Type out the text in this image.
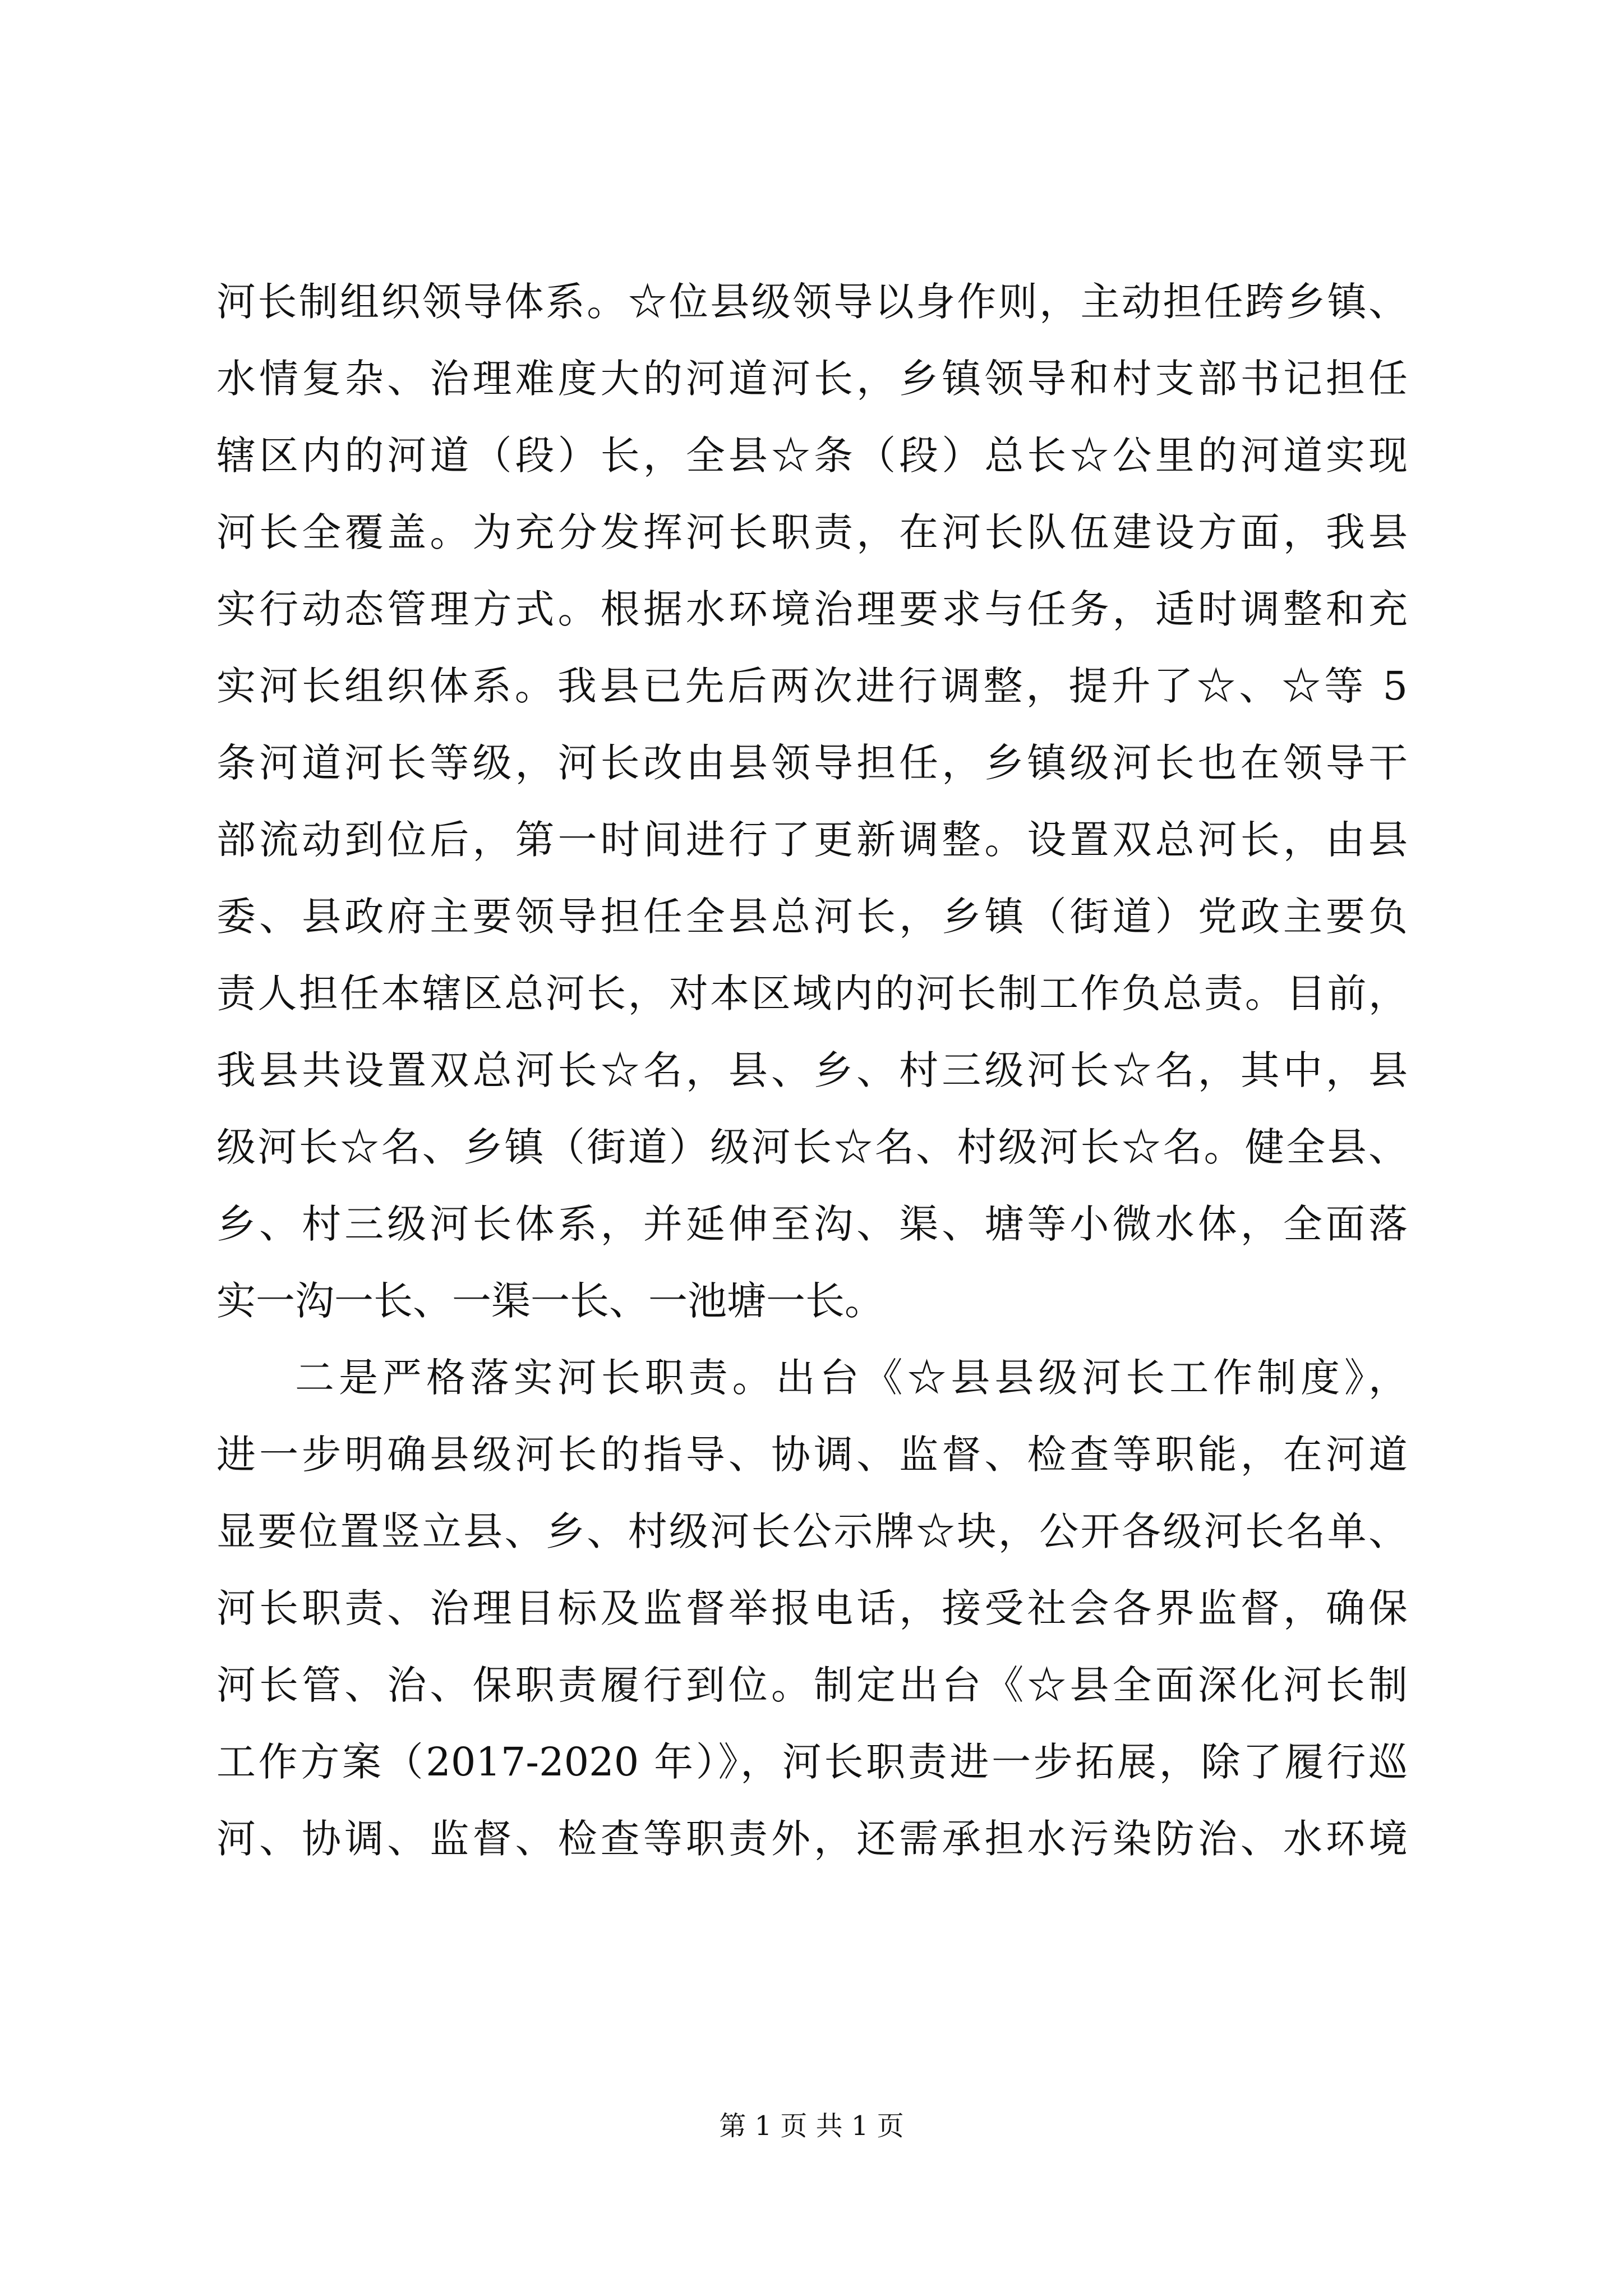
河长制组织领导体系。☆位县级领导以身作则，主动担任跨乡镇、
水情复杂、治理难度大的河道河长，乡镇领导和村支部书记担任
辖区内的河道（段）长，全县☆条（段）总长☆公里的河道实现
河长全覆盖。为充分发挥河长职责，在河长队伍建设方面，我县
实行动态管理方式。根据水环境治理要求与任务，适时调整和充
实河长组织体系。我县已先后两次进行调整，提升了☆、☆等 5
条河道河长等级，河长改由县领导担任，乡镇级河长也在领导干
部流动到位后，第一时间进行了更新调整。设置双总河长，由县
委、县政府主要领导担任全县总河长，乡镇（街道）党政主要负
责人担任本辖区总河长，对本区域内的河长制工作负总责。目前，
我县共设置双总河长☆名，县、乡、村三级河长☆名，其中，县
级河长☆名、乡镇（街道）级河长☆名、村级河长☆名。健全县、
乡、村三级河长体系，并延伸至沟、渠、塘等小微水体，全面落
实一沟一长、一渠一长、一池塘一长。
二是严格落实河长职责。出台《☆县县级河长工作制度》，
进一步明确县级河长的指导、协调、监督、检查等职能，在河道
显要位置竖立县、乡、村级河长公示牌☆块，公开各级河长名单、
河长职责、治理目标及监督举报电话，接受社会各界监督，确保
河长管、治、保职责履行到位。制定出台《☆县全面深化河长制
工作方案（2017-2020 年）》，河长职责进一步拓展，除了履行巡
河、协调、监督、检查等职责外，还需承担水污染防治、水环境
第 1 页 共 1 页
